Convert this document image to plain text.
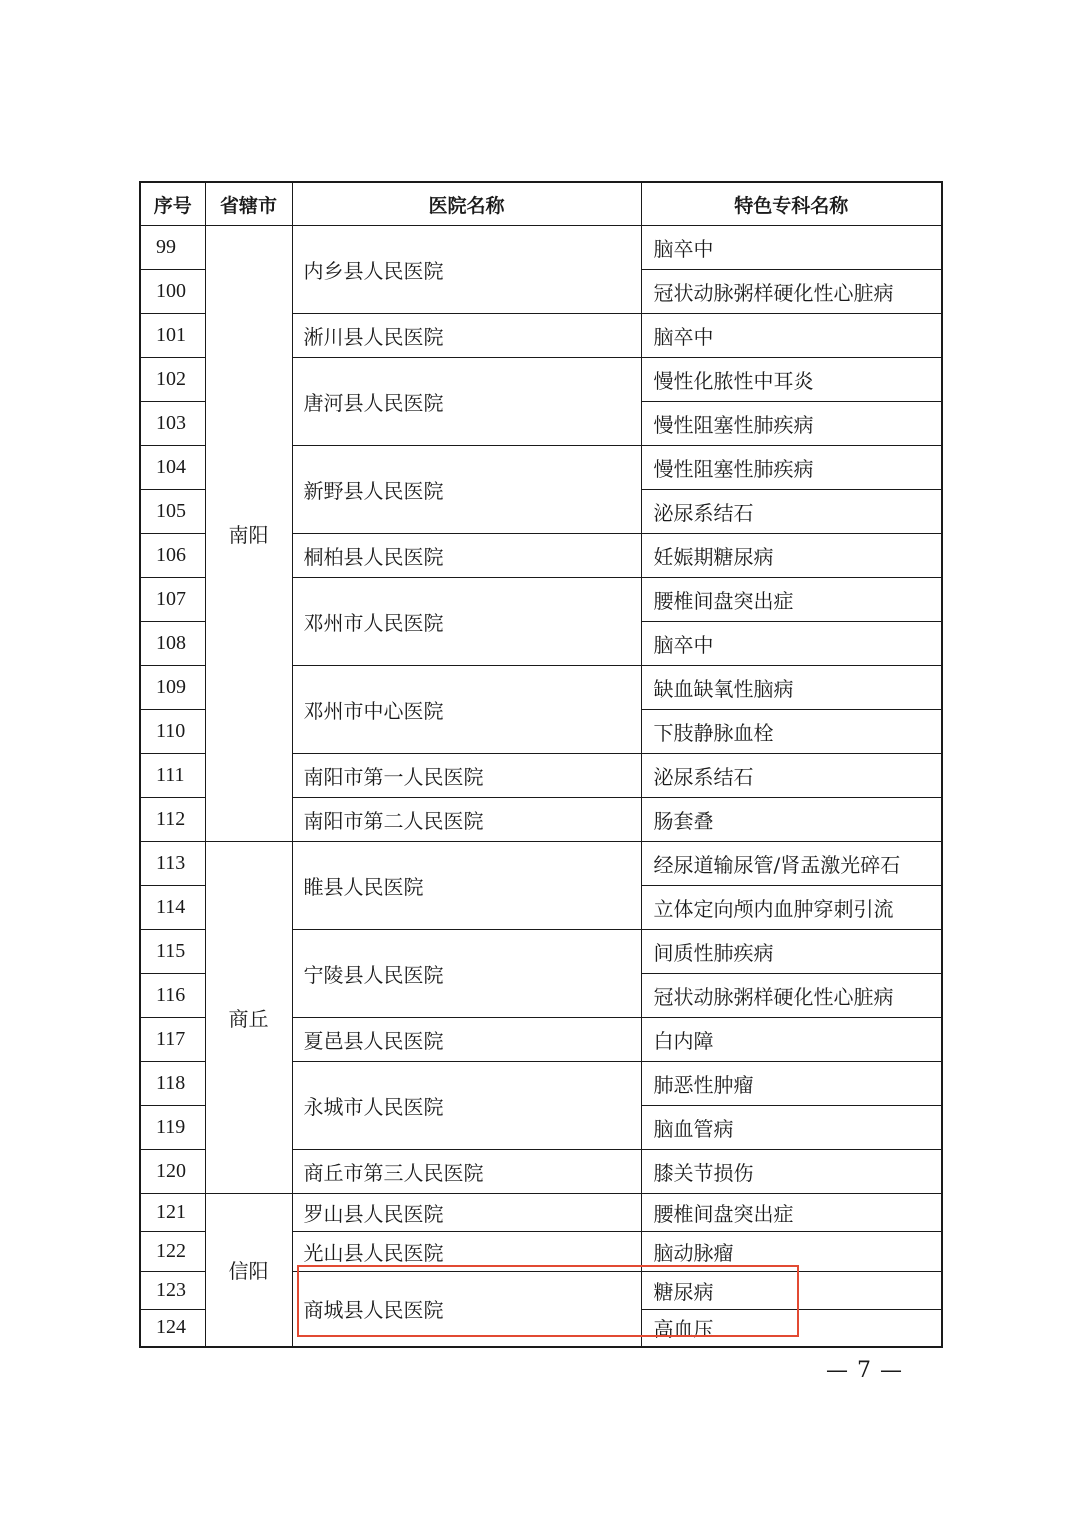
序号	省辖市	医院名称	特色专科名称
99	南阳	内乡县人民医院	脑卒中
100			冠状动脉粥样硬化性心脏病
101		淅川县人民医院	脑卒中
102		唐河县人民医院	慢性化脓性中耳炎
103			慢性阻塞性肺疾病
104		新野县人民医院	慢性阻塞性肺疾病
105			泌尿系结石
106		桐柏县人民医院	妊娠期糖尿病
107		邓州市人民医院	腰椎间盘突出症
108			脑卒中
109		邓州市中心医院	缺血缺氧性脑病
110			下肢静脉血栓
111		南阳市第一人民医院	泌尿系结石
112		南阳市第二人民医院	肠套叠
113	商丘	睢县人民医院	经尿道输尿管/肾盂激光碎石
114			立体定向颅内血肿穿刺引流
115		宁陵县人民医院	间质性肺疾病
116			冠状动脉粥样硬化性心脏病
117		夏邑县人民医院	白内障
118		永城市人民医院	肺恶性肿瘤
119			脑血管病
120		商丘市第三人民医院	膝关节损伤
121	信阳	罗山县人民医院	腰椎间盘突出症
122		光山县人民医院	脑动脉瘤
123		商城县人民医院	糖尿病
124			高血压
— 7 —
